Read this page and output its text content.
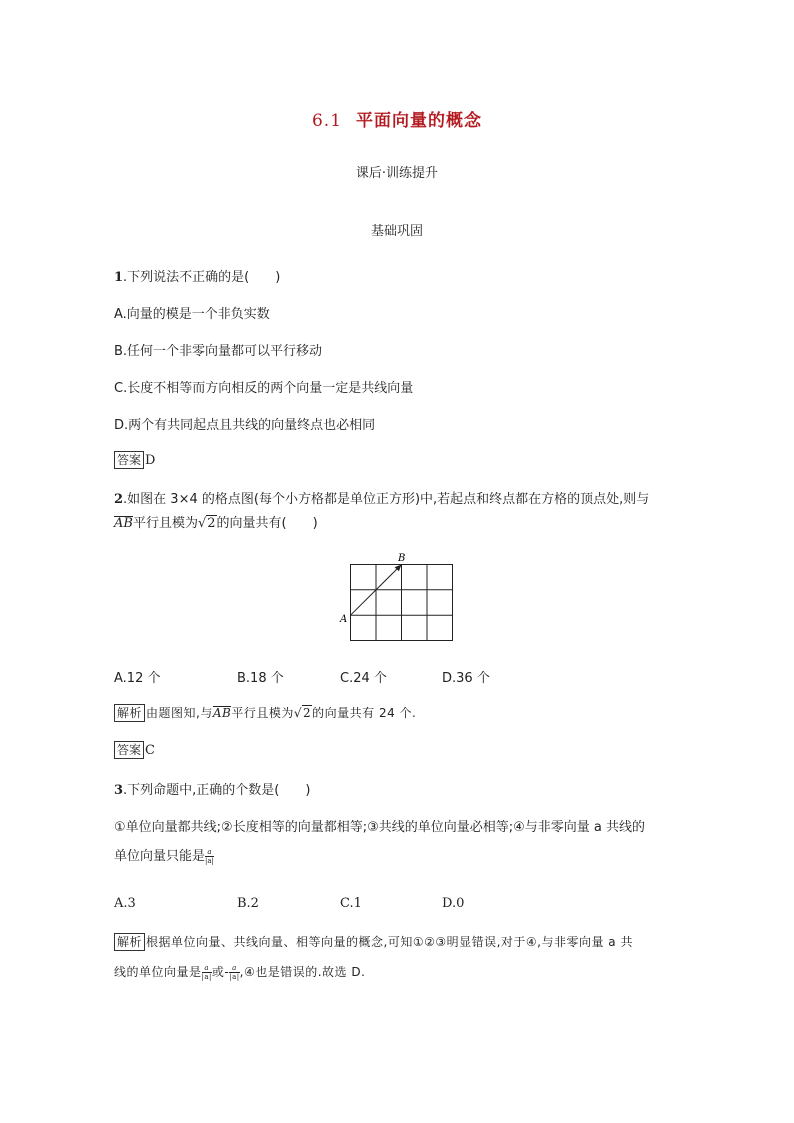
6.1 平面向量的概念
课后·训练提升
基础巩固
1.下列说法不正确的是(　　)
A.向量的模是一个非负实数
B.任何一个非零向量都可以平行移动
C.长度不相等而方向相反的两个向量一定是共线向量
D.两个有共同起点且共线的向量终点也必相同
答案 D
2.如图在 3×4 的格点图(每个小方格都是单位正方形)中,若起点和终点都在方格的顶点处,则与
AB平行且模为√2的向量共有(　　)
A
B
A.12 个	B.18 个	C.24 个	D.36 个
解析 由题图知,与AB平行且模为√2的向量共有 24 个.
答案 C
3.下列命题中,正确的个数是(　　)
①单位向量都共线;②长度相等的向量都相等;③共线的单位向量必相等;④与非零向量 a 共线的
单位向量只能是 $\frac{a}{|a|}$
A.3	B.2	C.1	D.0
解析 根据单位向量、共线向量、相等向量的概念,可知①②③明显错误,对于④,与非零向量 a 共
线的单位向量是 $\frac{a}{|a|}$ 或- $\frac{a}{|a|}$ ,④也是错误的.故选 D.
